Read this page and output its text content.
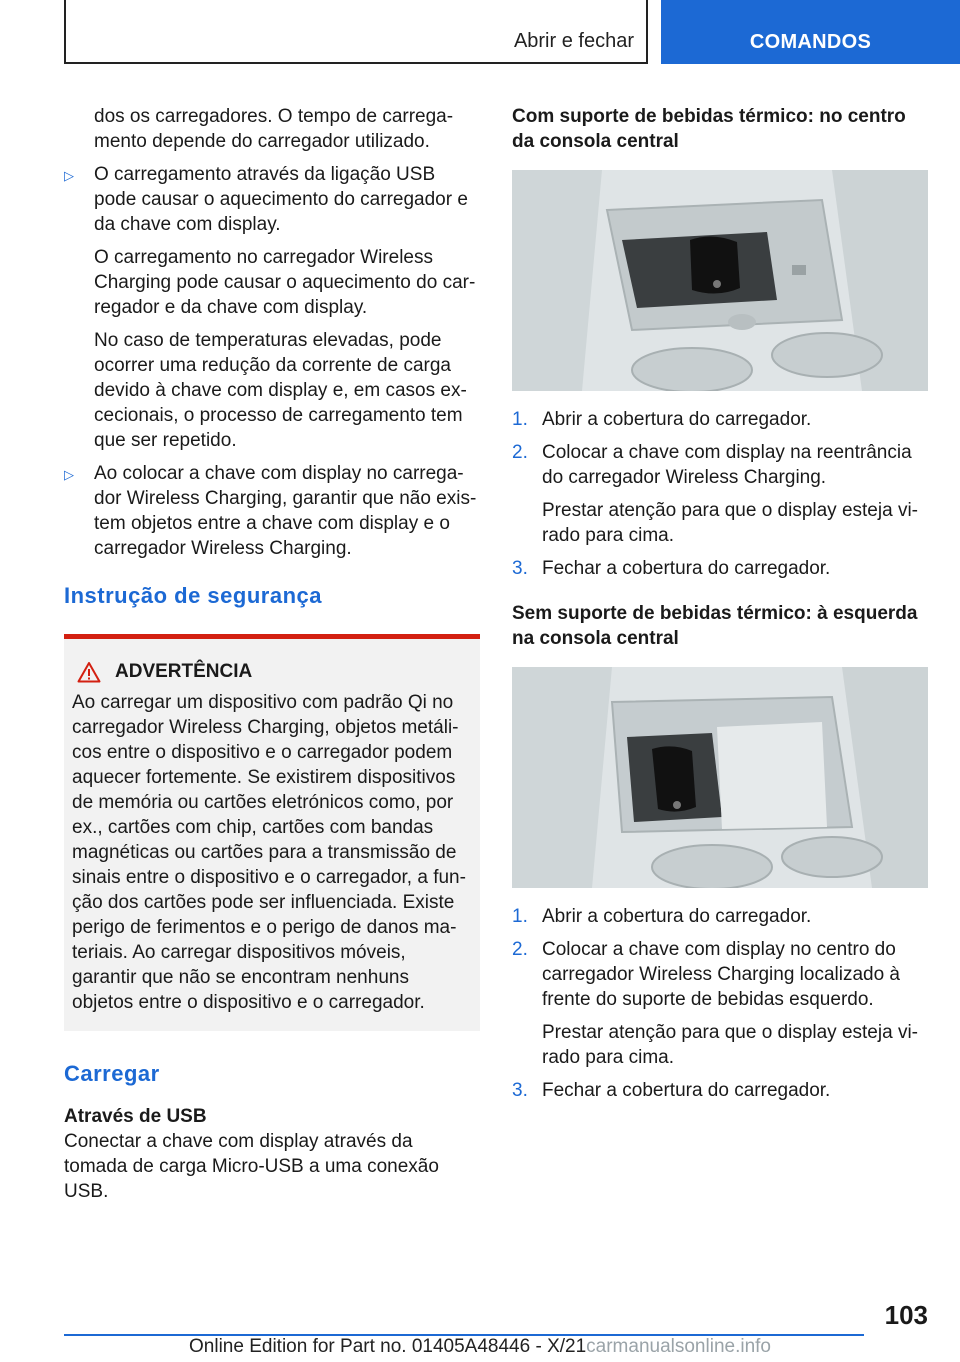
Abrir e fechar	COMANDOS

dos os carregadores. O tempo de carrega-mento depende do carregador utilizado.

▷ O carregamento através da ligação USB pode causar o aquecimento do carregador e da chave com display.

O carregamento no carregador Wireless Charging pode causar o aquecimento do car-regador e da chave com display.

No caso de temperaturas elevadas, pode ocorrer uma redução da corrente de carga devido à chave com display e, em casos ex-cecionais, o processo de carregamento tem que ser repetido.

▷ Ao colocar a chave com display no carrega-dor Wireless Charging, garantir que não exis-tem objetos entre a chave com display e o carregador Wireless Charging.

Instrução de segurança
ADVERTÊNCIA
Ao carregar um dispositivo com padrão Qi no carregador Wireless Charging, objetos metáli-cos entre o dispositivo e o carregador podem aquecer fortemente. Se existirem dispositivos de memória ou cartões eletrónicos como, por ex., cartões com chip, cartões com bandas magnéticas ou cartões para a transmissão de sinais entre o dispositivo e o carregador, a fun-ção dos cartões pode ser influenciada. Existe perigo de ferimentos e o perigo de danos ma-teriais. Ao carregar dispositivos móveis, garantir que não se encontram nenhuns objetos entre o dispositivo e o carregador.
Carregar
Através de USB

Conectar a chave com display através da tomada de carga Micro-USB a uma conexão USB.

Com suporte de bebidas térmico: no centro da consola central
1. Abrir a cobertura do carregador.

2. Colocar a chave com display na reentrância do carregador Wireless Charging.

Prestar atenção para que o display esteja vi-rado para cima.

3. Fechar a cobertura do carregador.

Sem suporte de bebidas térmico: à esquerda na consola central
1. Abrir a cobertura do carregador.

2. Colocar a chave com display no centro do carregador Wireless Charging localizado à frente do suporte de bebidas esquerdo.

Prestar atenção para que o display esteja vi-rado para cima.

3. Fechar a cobertura do carregador.

103
Online Edition for Part no. 01405A48446 - X/21carmanualsonline.info
